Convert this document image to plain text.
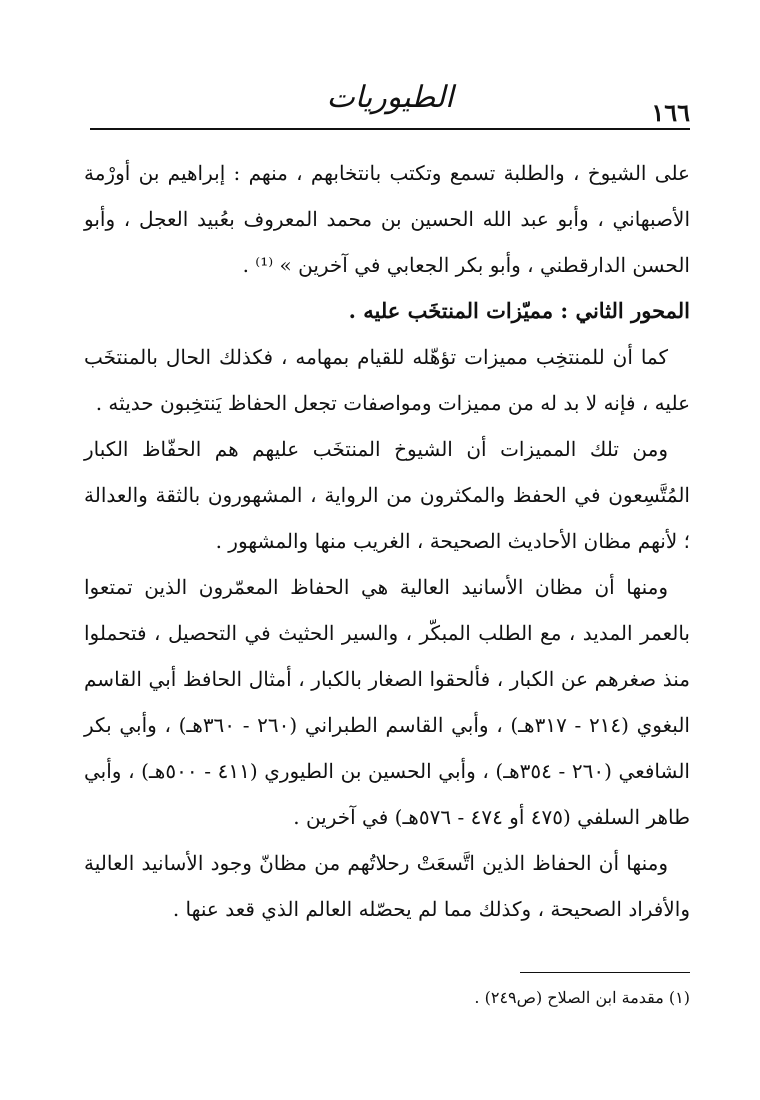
١٦٦
الطيوريات

على الشيوخ ، والطلبة تسمع وتكتب بانتخابهم ، منهم : إبراهيم بن أورْمة الأصبهاني ، وأبو عبد الله الحسين بن محمد المعروف بعُبيد العجل ، وأبو الحسن الدارقطني ، وأبو بكر الجعابي في آخرين » ⁽¹⁾ .

المحور الثاني : مميّزات المنتخَب عليه .

كما أن للمنتخِب مميزات تؤهّله للقيام بمهامه ، فكذلك الحال بالمنتخَب عليه ، فإنه لا بد له من مميزات ومواصفات تجعل الحفاظ يَنتخِبون حديثه .

ومن تلك المميزات أن الشيوخ المنتخَب عليهم هم الحفّاظ الكبار المُتَّسِعون في الحفظ والمكثرون من الرواية ، المشهورون بالثقة والعدالة ؛ لأنهم مظان الأحاديث الصحيحة ، الغريب منها والمشهور .

ومنها أن مظان الأسانيد العالية هي الحفاظ المعمّرون الذين تمتعوا بالعمر المديد ، مع الطلب المبكّر ، والسير الحثيث في التحصيل ، فتحملوا منذ صغرهم عن الكبار ، فألحقوا الصغار بالكبار ، أمثال الحافظ أبي القاسم البغوي (٢١٤ - ٣١٧هـ) ، وأبي القاسم الطبراني (٢٦٠ - ٣٦٠هـ) ، وأبي بكر الشافعي (٢٦٠ - ٣٥٤هـ) ، وأبي الحسين بن الطيوري (٤١١ - ٥٠٠هـ) ، وأبي طاهر السلفي (٤٧٥ أو ٤٧٤ - ٥٧٦هـ) في آخرين .

ومنها أن الحفاظ الذين اتَّسعَتْ رحلاتُهم من مظانّ وجود الأسانيد العالية والأفراد الصحيحة ، وكذلك مما لم يحصّله العالم الذي قعد عنها .

(١) مقدمة ابن الصلاح (ص٢٤٩) .
